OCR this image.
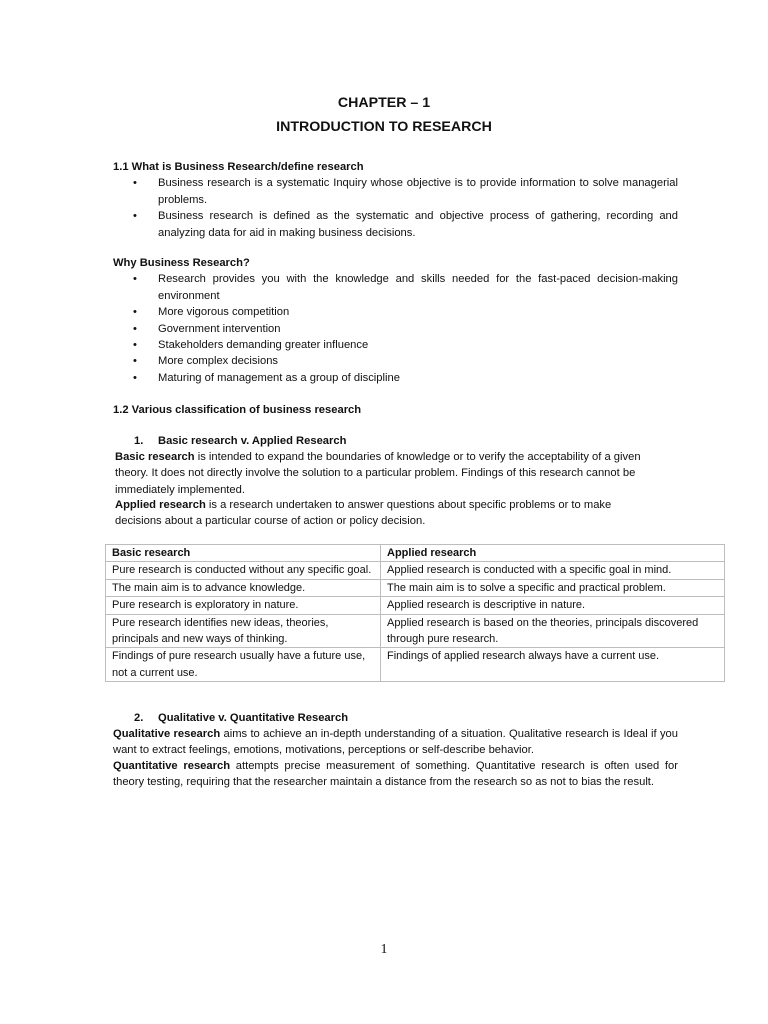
CHAPTER – 1
INTRODUCTION TO RESEARCH
1.1 What is Business Research/define research
• Business research is a systematic Inquiry whose objective is to provide information to solve managerial problems.
• Business research is defined as the systematic and objective process of gathering, recording and analyzing data for aid in making business decisions.
Why Business Research?
• Research provides you with the knowledge and skills needed for the fast-paced decision-making environment
• More vigorous competition
• Government intervention
• Stakeholders demanding greater influence
• More complex decisions
• Maturing of management as a group of discipline
1.2 Various classification of business research
1. Basic research v. Applied Research
Basic research is intended to expand the boundaries of knowledge or to verify the acceptability of a given theory. It does not directly involve the solution to a particular problem. Findings of this research cannot be immediately implemented.
Applied research is a research undertaken to answer questions about specific problems or to make decisions about a particular course of action or policy decision.
Basic research	Applied research
Pure research is conducted without any specific goal.	Applied research is conducted with a specific goal in mind.
The main aim is to advance knowledge.	The main aim is to solve a specific and practical problem.
Pure research is exploratory in nature.	Applied research is descriptive in nature.
Pure research identifies new ideas, theories, principals and new ways of thinking.	Applied research is based on the theories, principals discovered through pure research.
Findings of pure research usually have a future use, not a current use.	Findings of applied research always have a current use.
2. Qualitative v. Quantitative Research
Qualitative research aims to achieve an in-depth understanding of a situation. Qualitative research is Ideal if you want to extract feelings, emotions, motivations, perceptions or self-describe behavior.
Quantitative research attempts precise measurement of something. Quantitative research is often used for theory testing, requiring that the researcher maintain a distance from the research so as not to bias the result.
1
